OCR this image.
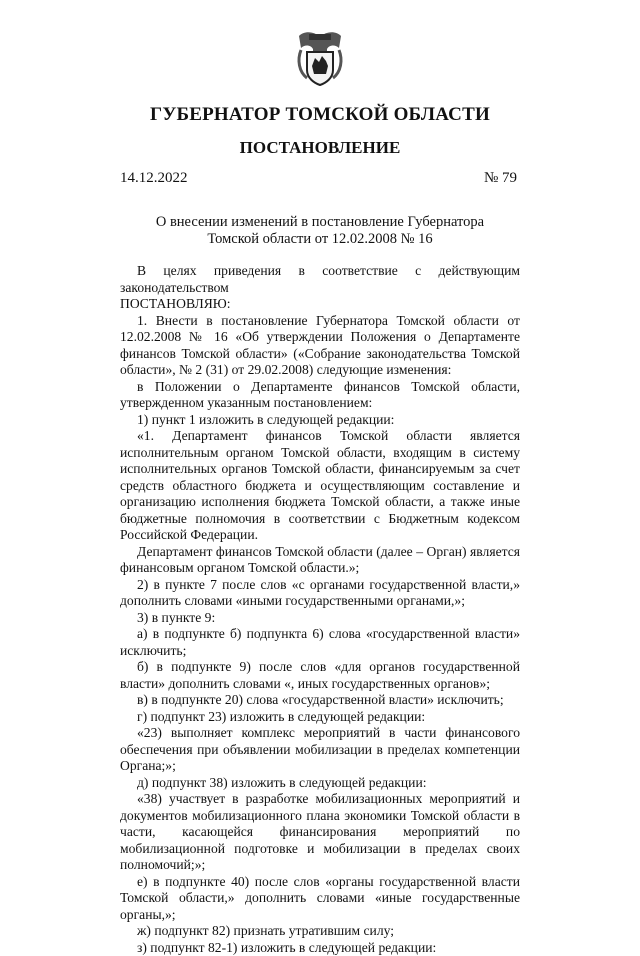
ГУБЕРНАТОР ТОМСКОЙ ОБЛАСТИ
ПОСТАНОВЛЕНИЕ
14.12.2022	№ 79
О внесении изменений в постановление Губернатора
Томской области от 12.02.2008 № 16

В целях приведения в соответствие с действующим законодательством

ПОСТАНОВЛЯЮ:

1. Внести в постановление Губернатора Томской области от 12.02.2008 № 16 «Об утверждении Положения о Департаменте финансов Томской области» («Собрание законодательства Томской области», № 2 (31) от 29.02.2008) следующие изменения:

в Положении о Департаменте финансов Томской области, утвержденном указанным постановлением:

1) пункт 1 изложить в следующей редакции:

«1. Департамент финансов Томской области является исполнительным органом Томской области, входящим в систему исполнительных органов Томской области, финансируемым за счет средств областного бюджета и осуществляющим составление и организацию исполнения бюджета Томской области, а также иные бюджетные полномочия в соответствии с Бюджетным кодексом Российской Федерации.

Департамент финансов Томской области (далее – Орган) является финансовым органом Томской области.»;

2) в пункте 7 после слов «с органами государственной власти,» дополнить словами «иными государственными органами,»;

3) в пункте 9:

а) в подпункте б) подпункта 6) слова «государственной власти» исключить;

б) в подпункте 9) после слов «для органов государственной власти» дополнить словами «, иных государственных органов»;

в) в подпункте 20) слова «государственной власти» исключить;

г) подпункт 23) изложить в следующей редакции:

«23) выполняет комплекс мероприятий в части финансового обеспечения при объявлении мобилизации в пределах компетенции Органа;»;

д) подпункт 38) изложить в следующей редакции:

«38) участвует в разработке мобилизационных мероприятий и документов мобилизационного плана экономики Томской области в части, касающейся финансирования мероприятий по мобилизационной подготовке и мобилизации в пределах своих полномочий;»;

е) в подпункте 40) после слов «органы государственной власти Томской области,» дополнить словами «иные государственные органы,»;

ж) подпункт 82) признать утратившим силу;

з) подпункт 82-1) изложить в следующей редакции:
